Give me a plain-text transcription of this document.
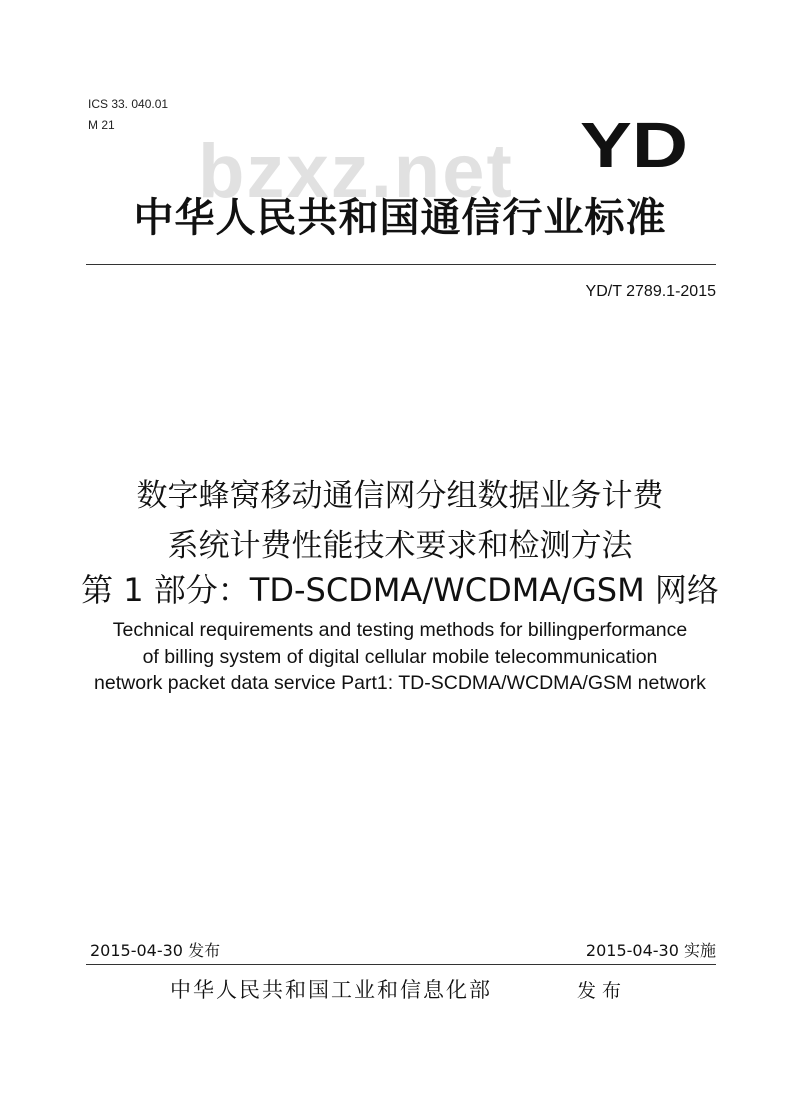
ICS 33. 040.01
M 21
bzxz.net YD
中华人民共和国通信行业标准
YD/T 2789.1-2015
数字蜂窝移动通信网分组数据业务计费
系统计费性能技术要求和检测方法
第 1 部分：TD-SCDMA/WCDMA/GSM 网络
Technical requirements and testing methods for billingperformance
of billing system of digital cellular mobile telecommunication
network packet data service Part1: TD-SCDMA/WCDMA/GSM network
2015-04-30 发布	2015-04-30 实施
中华人民共和国工业和信息化部	发布
